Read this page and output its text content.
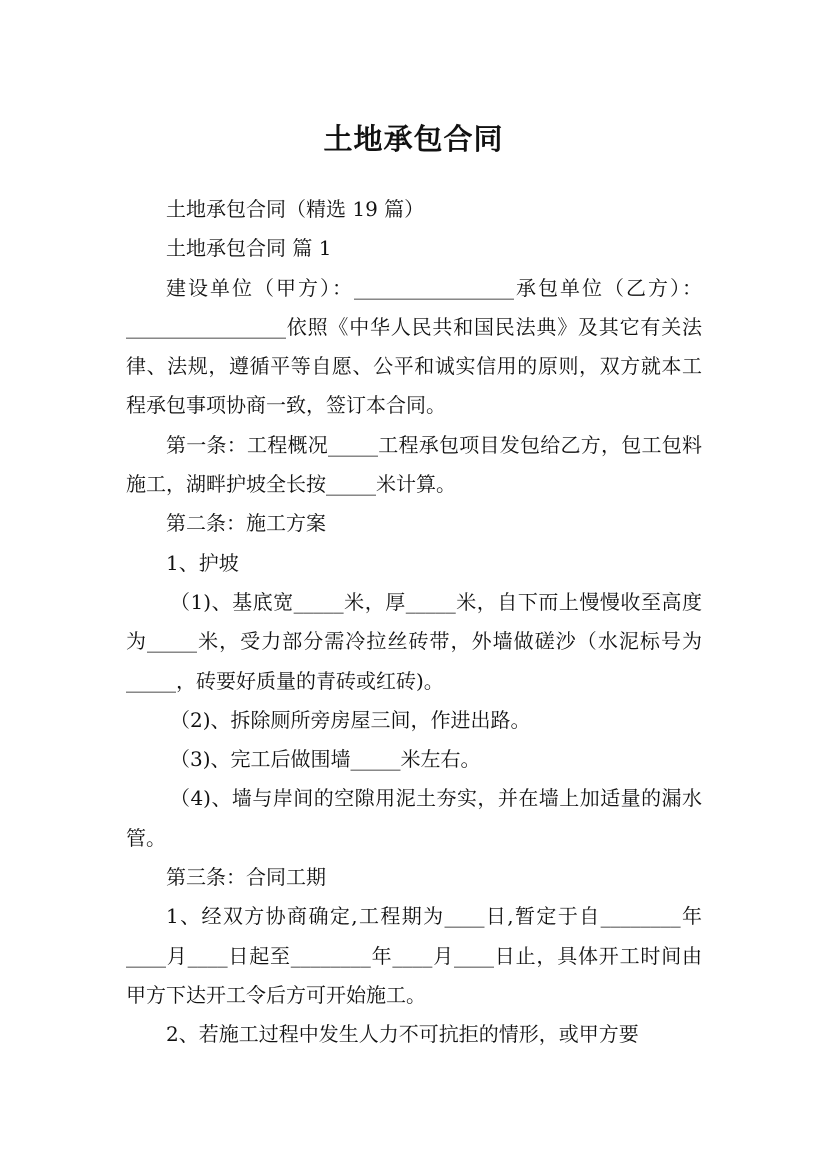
土地承包合同

土地承包合同（精选 19 篇）

土地承包合同 篇 1

建设单位（甲方）：________________承包单位（乙方）：________________依照《中华人民共和国民法典》及其它有关法律、法规，遵循平等自愿、公平和诚实信用的原则，双方就本工程承包事项协商一致，签订本合同。

第一条：工程概况_____工程承包项目发包给乙方，包工包料施工，湖畔护坡全长按_____米计算。

第二条：施工方案

1、护坡

（1)、基底宽_____米，厚_____米，自下而上慢慢收至高度为_____米，受力部分需冷拉丝砖带，外墙做磋沙（水泥标号为_____，砖要好质量的青砖或红砖)。

（2)、拆除厕所旁房屋三间，作进出路。

（3)、完工后做围墙_____米左右。

（4)、墙与岸间的空隙用泥土夯实，并在墙上加适量的漏水管。

第三条：合同工期

1、经双方协商确定,工程期为____日,暂定于自________年____月____日起至________年____月____日止，具体开工时间由甲方下达开工令后方可开始施工。

2、若施工过程中发生人力不可抗拒的情形，或甲方要
